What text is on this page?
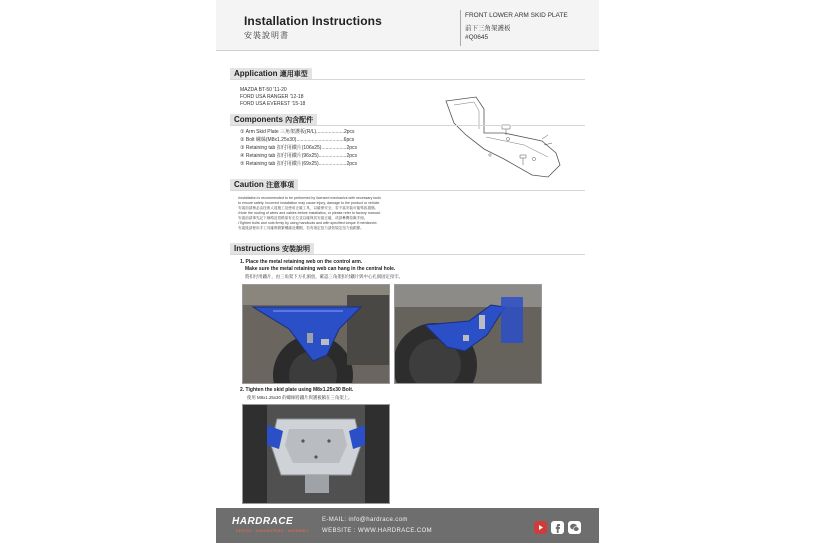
Installation Instructions
安裝說明書
FRONT LOWER ARM SKID PLATE
前下三角架護板
#Q0645
Application 適用車型
MAZDA BT-50 '11-20
FORD USA RANGER '12-18
FORD USA EVEREST '15-18
Components 內含配件
① Arm Skid Plate 三角架護板(R/L)....................2pcs
② Bolt 螺絲(M8x1.25x30)..................................6pcs
③ Retaining tab 扣付用鐵片(106x25)..................2pcs
④ Retaining tab 扣付用鐵片(96x25)....................2pcs
⑤ Retaining tab 扣付用鐵片(69x25)....................2pcs
Caution 注意事項
•Installation is recommended to be performed by licensed mechanics with necessary tools
to ensure safety. Incorrect installation may cause injury, damage to the product or vehicle.
安裝前請務必由技術人員施工及使用正確工具，以確保安全，若不當安裝可能導致損傷。
•Note the routing of wires and cables before installation, or please refer to factory manual.
安裝前請事先記下線路及管路原有走位並以確保其安裝正確，或請參閱原廠手冊。
•Tighten bolts and nuts firmly by using handtools and with specified torque if mentioned.
安裝後請使用手工具確實鎖緊螺絲及螺帽，若有指定扭力請依規定扭力值鎖緊。
Instructions 安裝說明
1. Place the metal retaining web on the control arm.
Make sure the metal retaining web can hang in the central hole.
將扣付用鐵片，由三角架下方孔洞放，確認三角架扣付鐵片與中心孔洞固定扣牢。
2. Tighten the skid plate using M8x1.25x30 Bolt.
使用 M8x1.25x30 的螺絲將鐵片與護板鎖在三角架上。
HARDRACE
DESIGN · ENGINEERING · ASSEMBLY
E-MAIL: info@hardrace.com
WEBSITE : WWW.HARDRACE.COM
